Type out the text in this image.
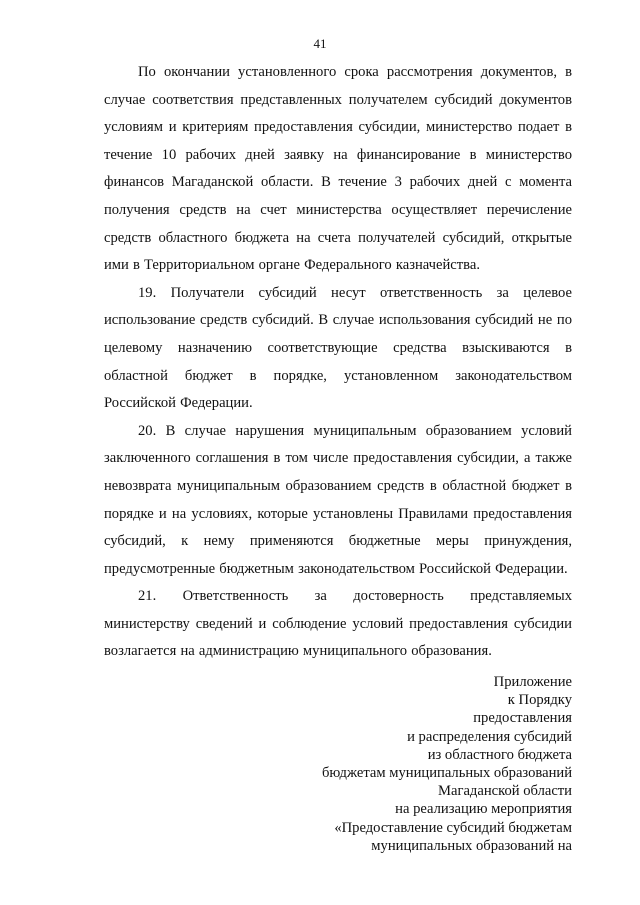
41

По окончании установленного срока рассмотрения документов, в случае соответствия представленных получателем субсидий документов условиям и критериям предоставления субсидии, министерство подает в течение 10 рабочих дней заявку на финансирование в министерство финансов Магаданской области. В течение 3 рабочих дней с момента получения средств на счет министерства осуществляет перечисление средств областного бюджета на счета получателей субсидий, открытые ими в Территориальном органе Федерального казначейства.

19. Получатели субсидий несут ответственность за целевое использование средств субсидий. В случае использования субсидий не по целевому назначению соответствующие средства взыскиваются в областной бюджет в порядке, установленном законодательством Российской Федерации.

20. В случае нарушения муниципальным образованием условий заключенного соглашения в том числе предоставления субсидии, а также невозврата муниципальным образованием средств в областной бюджет в порядке и на условиях, которые установлены Правилами предоставления субсидий, к нему применяются бюджетные меры принуждения, предусмотренные бюджетным законодательством Российской Федерации.

21. Ответственность за достоверность представляемых министерству сведений и соблюдение условий предоставления субсидии возлагается на администрацию муниципального образования.

Приложение
к Порядку
предоставления
и распределения субсидий
из областного бюджета
бюджетам муниципальных образований
Магаданской области
на реализацию мероприятия
«Предоставление субсидий бюджетам
муниципальных образований на
